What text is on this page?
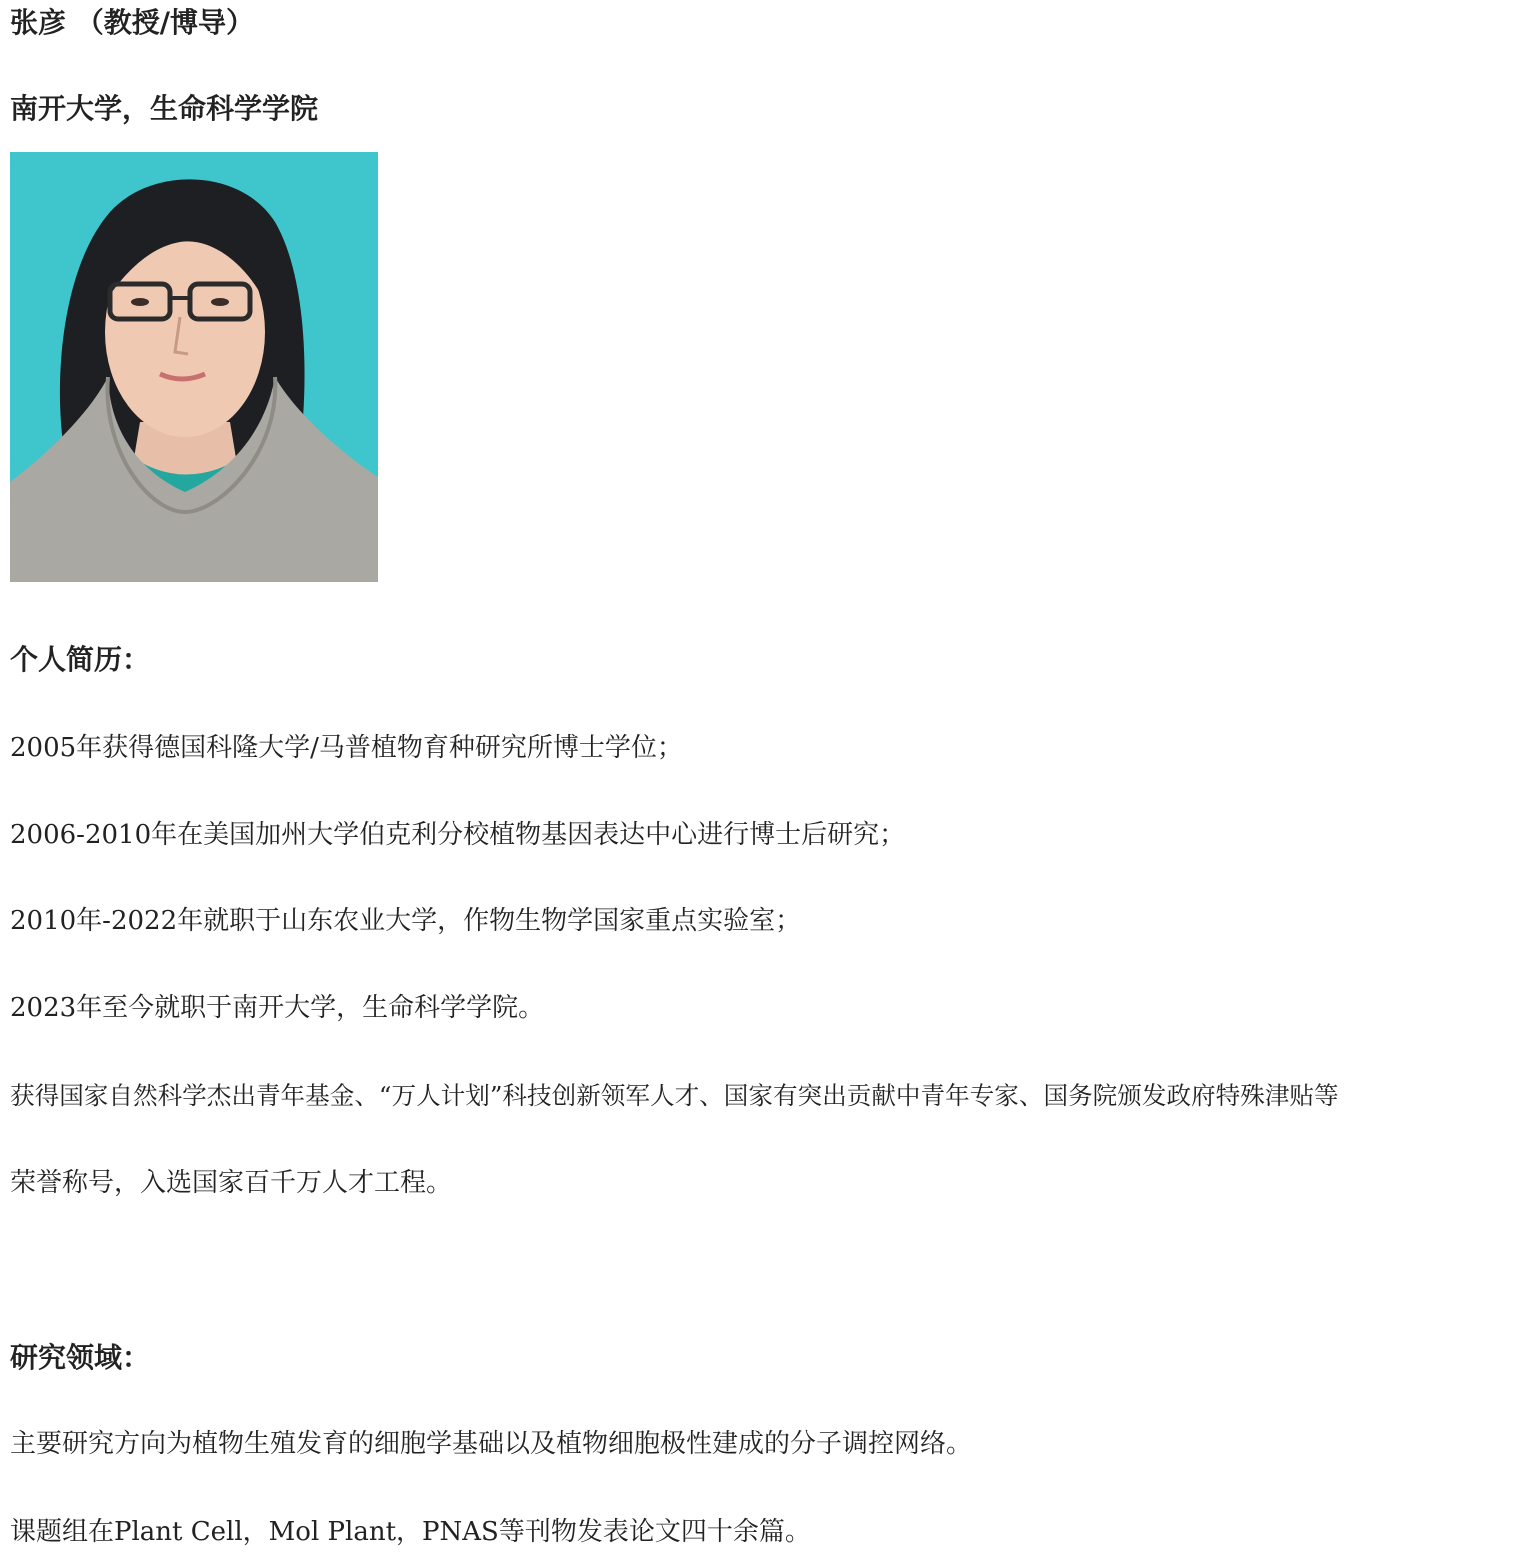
张彦 （教授/博导）
南开大学，生命科学学院
个人简历：
2005年获得德国科隆大学/马普植物育种研究所博士学位；
2006-2010年在美国加州大学伯克利分校植物基因表达中心进行博士后研究；
2010年-2022年就职于山东农业大学，作物生物学国家重点实验室；
2023年至今就职于南开大学，生命科学学院。
获得国家自然科学杰出青年基金、“万人计划”科技创新领军人才、国家有突出贡献中青年专家、国务院颁发政府特殊津贴等
荣誉称号，入选国家百千万人才工程。
研究领域：
主要研究方向为植物生殖发育的细胞学基础以及植物细胞极性建成的分子调控网络。
课题组在Plant Cell，Mol Plant，PNAS等刊物发表论文四十余篇。
